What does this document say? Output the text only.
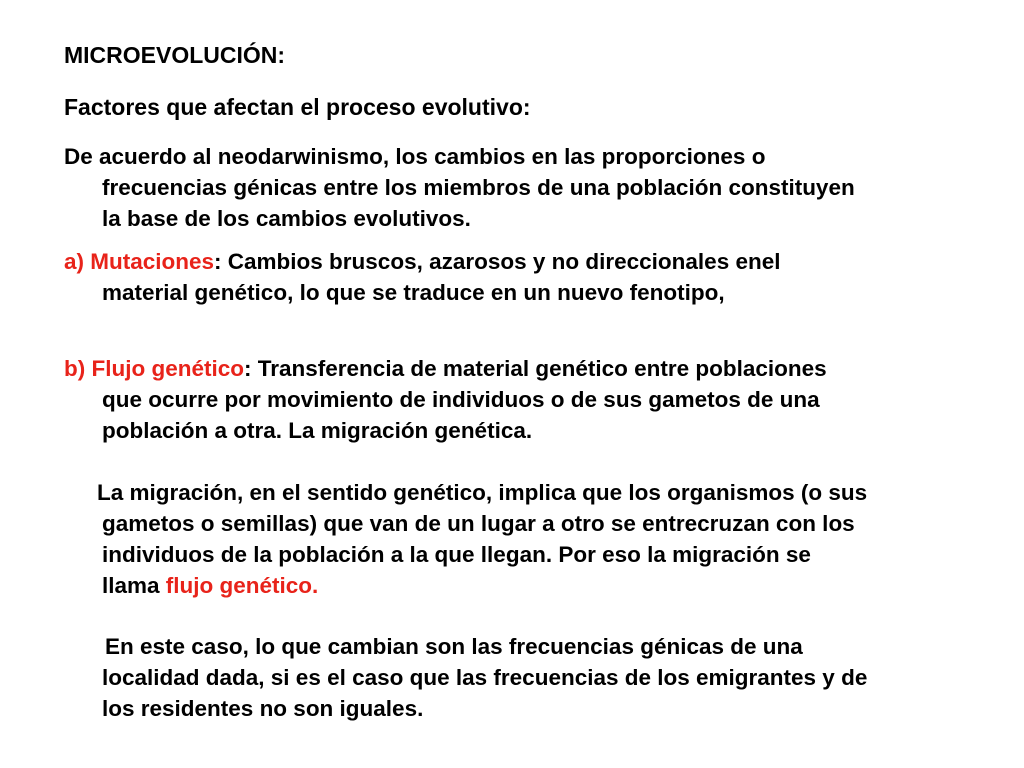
MICROEVOLUCIÓN:
Factores que afectan el proceso evolutivo:
De acuerdo al neodarwinismo, los cambios en las proporciones o
frecuencias génicas entre los miembros de una población constituyen
la base de los cambios evolutivos.
a) Mutaciones: Cambios bruscos, azarosos y no direccionales enel
material genético, lo que se traduce en un nuevo fenotipo,
b) Flujo genético: Transferencia de material genético entre poblaciones
que ocurre por movimiento de individuos o de sus gametos de una
población a otra. La migración genética.
La migración, en el sentido genético, implica que los organismos (o sus
gametos o semillas) que van de un lugar a otro se entrecruzan con los
individuos de la población a la que llegan. Por eso la migración se
llama flujo genético.
En este caso, lo que cambian son las frecuencias génicas de una
localidad dada, si es el caso que las frecuencias de los emigrantes y de
los residentes no son iguales.
